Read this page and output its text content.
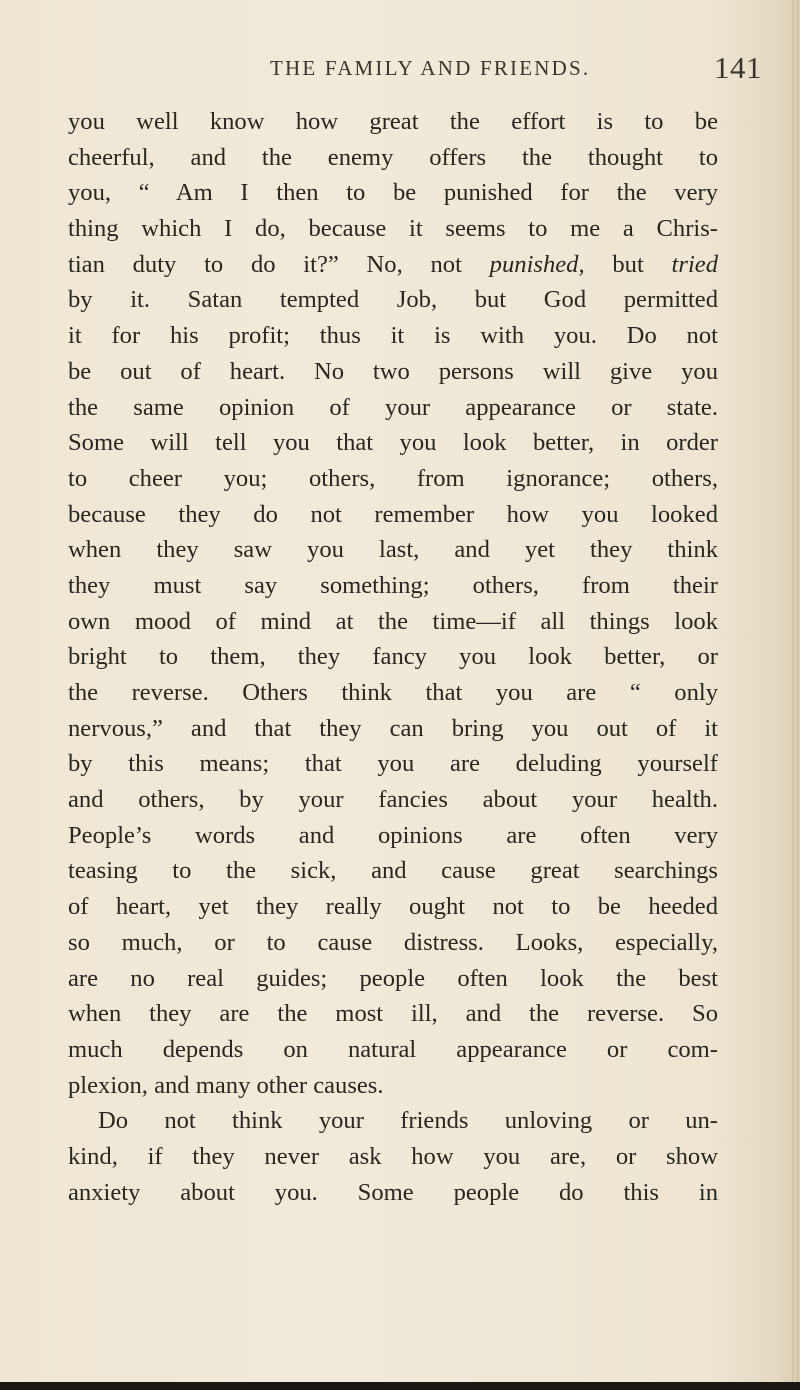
THE FAMILY AND FRIENDS.	141
you well know how great the effort is to be
cheerful, and the enemy offers the thought to
you, “ Am I then to be punished for the very
thing which I do, because it seems to me a Chris-
tian duty to do it?” No, not punished, but tried
by it. Satan tempted Job, but God permitted
it for his profit; thus it is with you. Do not
be out of heart. No two persons will give you
the same opinion of your appearance or state.
Some will tell you that you look better, in order
to cheer you; others, from ignorance; others,
because they do not remember how you looked
when they saw you last, and yet they think
they must say something; others, from their
own mood of mind at the time—if all things look
bright to them, they fancy you look better, or
the reverse. Others think that you are “ only
nervous,” and that they can bring you out of it
by this means; that you are deluding yourself
and others, by your fancies about your health.
People’s words and opinions are often very
teasing to the sick, and cause great searchings
of heart, yet they really ought not to be heeded
so much, or to cause distress. Looks, especially,
are no real guides; people often look the best
when they are the most ill, and the reverse. So
much depends on natural appearance or com-
plexion, and many other causes.
Do not think your friends unloving or un-
kind, if they never ask how you are, or show
anxiety about you. Some people do this in
